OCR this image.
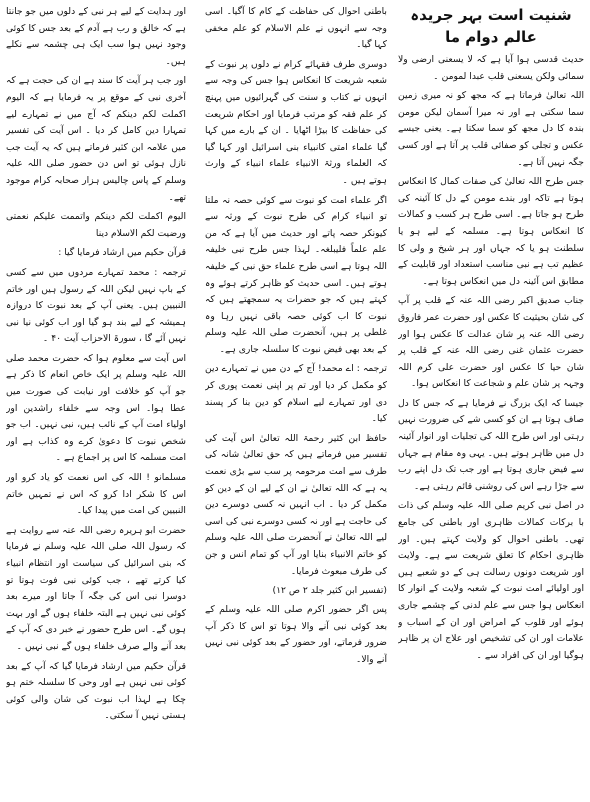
شنیت است بہر جریدہ عالم دوام ما

حدیث قدسی ہوا آیا ہے کہ لا یسعنی ارضی ولا سمائی ولکن یسعنی قلب عبدا لمومن ۔

اللہ تعالیٰ فرماتا ہے کہ مجھ کو نہ میری زمین سما سکتی ہے اور نہ میرا آسمان لیکن مومن بندہ کا دل مجھ کو سما سکتا ہے۔ یعنی جیسے عکس و تجلی کو صفائی قلب پر آتا ہے اور کسی جگہ نہیں آتا ہے۔

جس طرح اللہ تعالیٰ کی صفات کمال کا انعکاس ہوتا ہے تاکہ اور بندے مومن کے دل کا آئینہ کی طرح ہو جاتا ہے۔ اسی طرح ہر کسب و کمالات کا انعکاس ہوتا ہے۔ مسلمہ کے لیے ہو یا سلطنت ہو یا کہ جہاں اور ہر شیخ و ولی کا عظیم تب ہے نبی مناسب استعداد اور قابلیت کے مطابق اس آئینہ دل میں انعکاس ہوتا ہے۔

جناب صدیق اکبر رضی اللہ عنہ کے قلب پر آپ کی شان بحیثیت کا عکس اور حضرت عمر فاروق رضی اللہ عنہ پر شان عدالت کا عکس ہوا اور حضرت عثمان غنی رضی اللہ عنہ کے قلب پر شان حیا کا عکس اور حضرت علی کرم اللہ وجہہ پر شان علم و شجاعت کا انعکاس ہوا۔

جیسا کہ ایک بزرگ نے فرمایا ہے کہ جس کا دل صاف ہوتا ہے ان کو کسی شے کی ضرورت نہیں رہتی اور اس طرح اللہ کی تجلیات اور انوار آئینہ دل میں ظاہر ہوتے ہیں۔ یہی وہ مقام ہے جہاں سے فیض جاری ہوتا ہے اور جب تک دل اپنے رب سے جڑا رہے اس کی روشنی قائم رہتی ہے۔

در اصل نبی کریم صلی اللہ علیہ وسلم کی ذات با برکات کمالات ظاہری اور باطنی کی جامع تھی۔ باطنی احوال کو ولایت کہتے ہیں۔ اور ظاہری احکام کا تعلق شریعت سے ہے۔ ولایت اور شریعت دونوں رسالت ہی کے دو شعبے ہیں اور اولیائے امت نبوت کے شعبہ ولایت کے انوار کا انعکاس ہوا جس سے علم لدنی کے چشمے جاری ہوئے اور قلوب کے امراض اور ان کے اسباب و علامات اور ان کی تشخیص اور علاج ان پر ظاہر ہوگیا اور ان کی افراد سے ۔

باطنی احوال کی حفاظت کے کام کا آگیا۔ اسی وجہ سے انہوں نے علم الاسلام کو علم مخفی کہا گیا۔

دوسری طرف فقہائے کرام نے دلوں پر نبوت کے شعبہ شریعت کا انعکاس ہوا جس کی وجہ سے انہوں نے کتاب و سنت کی گہرائیوں میں پہنچ کر علم فقہ کو مرتب فرمایا اور احکام شریعت کی حفاظت کا بیڑا اٹھایا ۔ ان کے بارے میں کہا گیا علماء امتی کانبیاء بنی اسرائیل اور کہا گیا کہ العلماء ورثۃ الانبیاء علماء انبیاء کے وارث ہوتے ہیں ۔

اگر علماء امت کو نبوت سے کوئی حصہ نہ ملتا تو انبیاء کرام کی طرح نبوت کے ورثہ سے کیونکر حصہ پاتے اور حدیث میں آیا ہے کہ من علم علماً فلیبلغہ۔ لہذا جس طرح نبی خلیفہ اللہ ہوتا ہے اسی طرح علماء حق نبی کے خلیفہ ہوتے ہیں۔ اسی حدیث کو ظاہر کرتے ہوئے وہ کہتے ہیں کہ جو حضرات یہ سمجھتے ہیں کہ نبوت کا اب کوئی حصہ باقی نہیں رہا وہ غلطی پر ہیں، آنحضرت صلی اللہ علیہ وسلم کے بعد بھی فیض نبوت کا سلسلہ جاری ہے۔

ترجمہ : اے محمد! آج کے دن میں نے تمہارے دین کو مکمل کر دیا اور تم پر اپنی نعمت پوری کر دی اور تمہارے لیے اسلام کو دین بنا کر پسند کیا۔

حافظ ابن کثیر رحمۃ اللہ تعالیٰ اس آیت کی تفسیر میں فرماتے ہیں کہ حق تعالیٰ شانہ کی طرف سے امت مرحومہ پر سب سے بڑی نعمت یہ ہے کہ اللہ تعالیٰ نے ان کے لیے ان کے دین کو مکمل کر دیا ۔ اب انہیں نہ کسی دوسرے دین کی حاجت ہے اور نہ کسی دوسرے نبی کی اسی لیے اللہ تعالیٰ نے آنحضرت صلی اللہ علیہ وسلم کو خاتم الانبیاء بنایا اور آپ کو تمام انس و جن کی طرف مبعوث فرمایا۔

(تفسیر ابن کثیر جلد ۲ ص ۱۲)

پس اگر حضور اکرم صلی اللہ علیہ وسلم کے بعد کوئی نبی آنے والا ہوتا تو اس کا ذکر آپ ضرور فرماتے، اور حضور کے بعد کوئی نبی نہیں آنے والا۔

اور ہدایت کے لیے ہر نبی کے دلوں میں جو جانتا ہے کہ خالق و رب ہے آدم کے بعد جس کا کوئی وجود نہیں ہوا سب ایک ہی چشمہ سے نکلے ہیں۔

اور جب ہر آیت کا سند ہے ان کی حجت ہے کہ آخری نبی کے موقع پر یہ فرمایا ہے کہ الیوم اکملت لکم دینکم کہ آج میں نے تمہارے لیے تمہارا دین کامل کر دیا ۔ اس آیت کی تفسیر میں علامہ ابن کثیر فرماتے ہیں کہ یہ آیت جب نازل ہوئی تو اس دن حضور صلی اللہ علیہ وسلم کے پاس چالیس ہزار صحابہ کرام موجود تھے۔

الیوم اکملت لکم دینکم واتممت علیکم نعمتی ورضیت لکم الاسلام دینا

قرآن حکیم میں ارشاد فرمایا گیا :

ترجمہ : محمد تمہارے مردوں میں سے کسی کے باپ نہیں لیکن اللہ کے رسول ہیں اور خاتم النبیین ہیں۔ یعنی آپ کے بعد نبوت کا دروازہ ہمیشہ کے لیے بند ہو گیا اور اب کوئی نیا نبی نہیں آئے گا ، سورۃ الاحزاب آیت ۴۰ ۔

اس آیت سے معلوم ہوا کہ حضرت محمد صلی اللہ علیہ وسلم پر ایک خاص انعام کا ذکر ہے جو آپ کو خلافت اور نیابت کی صورت میں عطا ہوا۔ اس وجہ سے خلفاء راشدین اور اولیاء امت آپ کے نائب ہیں، نبی نہیں۔ اب جو شخص نبوت کا دعویٰ کرے وہ کذاب ہے اور امت مسلمہ کا اس پر اجماع ہے ۔

مسلمانو ! اللہ کی اس نعمت کو یاد کرو اور اس کا شکر ادا کرو کہ اس نے تمہیں خاتم النبیین کی امت میں پیدا کیا۔

حضرت ابو ہریرہ رضی اللہ عنہ سے روایت ہے کہ رسول اللہ صلی اللہ علیہ وسلم نے فرمایا کہ بنی اسرائیل کی سیاست اور انتظام انبیاء کیا کرتے تھے ، جب کوئی نبی فوت ہوتا تو دوسرا نبی اس کی جگہ آ جاتا اور میرے بعد کوئی نبی نہیں ہے البتہ خلفاء ہوں گے اور بہت ہوں گے۔ اس طرح حضور نے خبر دی کہ آپ کے بعد آنے والے صرف خلفاء ہوں گے نبی نہیں ۔

قرآن حکیم میں ارشاد فرمایا گیا کہ آپ کے بعد کوئی نبی نہیں ہے اور وحی کا سلسلہ ختم ہو چکا ہے لہذا اب نبوت کی شان والی کوئی ہستی نہیں آ سکتی۔
